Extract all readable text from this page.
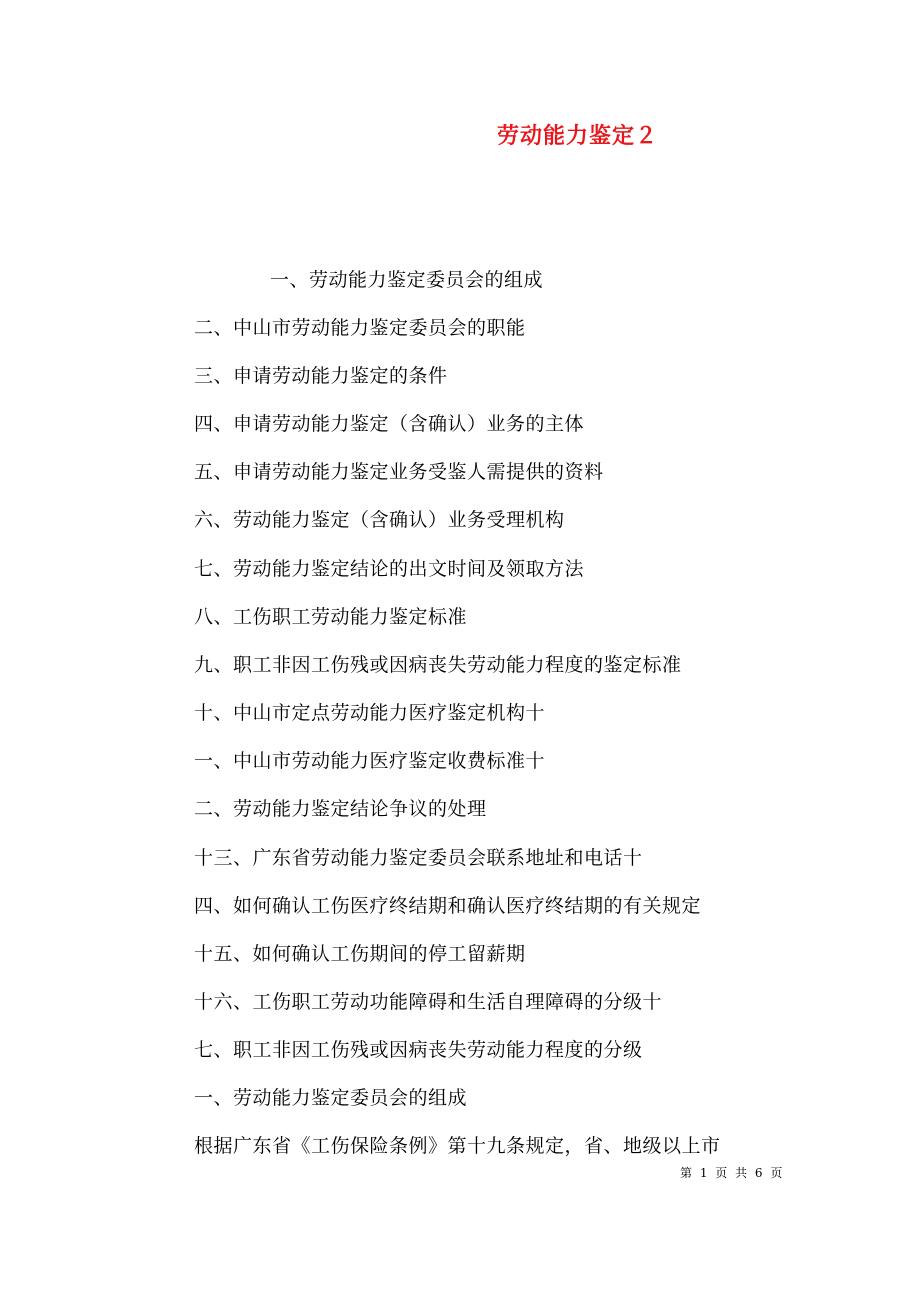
劳动能力鉴定２
一、劳动能力鉴定委员会的组成
二、中山市劳动能力鉴定委员会的职能
三、申请劳动能力鉴定的条件
四、申请劳动能力鉴定（含确认）业务的主体
五、申请劳动能力鉴定业务受鉴人需提供的资料
六、劳动能力鉴定（含确认）业务受理机构
七、劳动能力鉴定结论的出文时间及领取方法
八、工伤职工劳动能力鉴定标准
九、职工非因工伤残或因病丧失劳动能力程度的鉴定标准
十、中山市定点劳动能力医疗鉴定机构十
一、中山市劳动能力医疗鉴定收费标准十
二、劳动能力鉴定结论争议的处理
十三、广东省劳动能力鉴定委员会联系地址和电话十
四、如何确认工伤医疗终结期和确认医疗终结期的有关规定
十五、如何确认工伤期间的停工留薪期
十六、工伤职工劳动功能障碍和生活自理障碍的分级十
七、职工非因工伤残或因病丧失劳动能力程度的分级
一、劳动能力鉴定委员会的组成
根据广东省《工伤保险条例》第十九条规定，省、地级以上市
第 1 页 共 6 页
